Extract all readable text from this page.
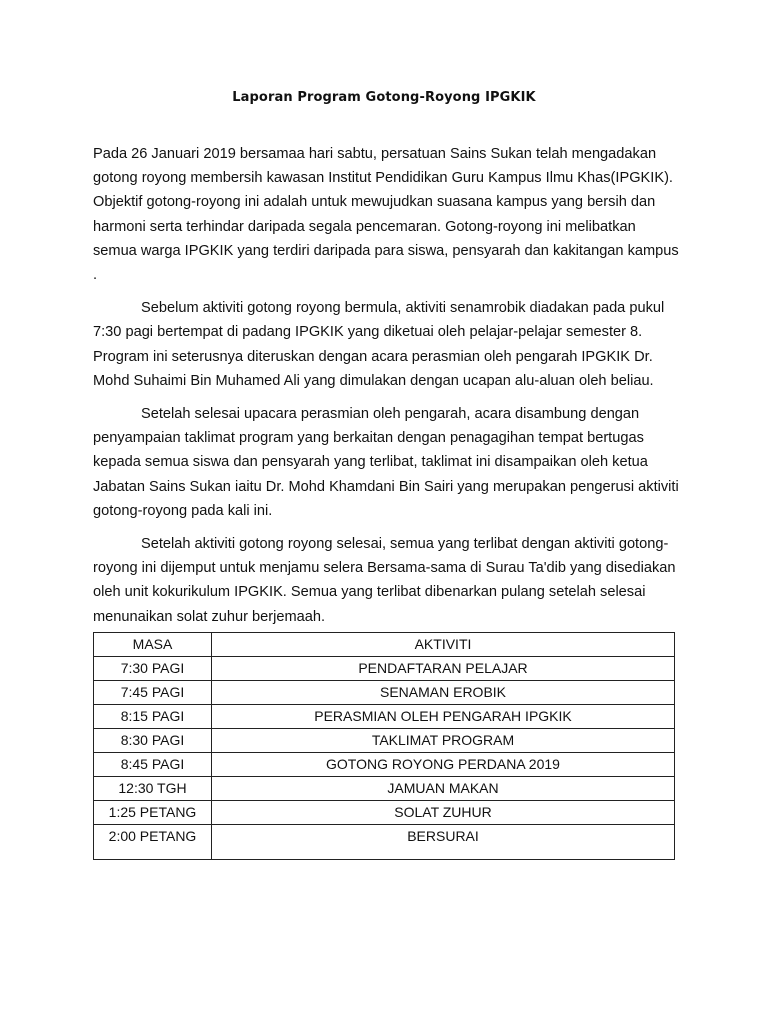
Laporan Program Gotong-Royong IPGKIK

Pada 26 Januari 2019 bersamaa hari sabtu, persatuan Sains Sukan telah mengadakan gotong royong membersih kawasan Institut Pendidikan Guru Kampus Ilmu Khas(IPGKIK). Objektif gotong-royong ini adalah untuk mewujudkan suasana kampus yang bersih dan harmoni serta terhindar daripada segala pencemaran. Gotong-royong ini melibatkan semua warga IPGKIK yang terdiri daripada para siswa, pensyarah dan kakitangan kampus .

Sebelum aktiviti gotong royong bermula, aktiviti senamrobik diadakan pada pukul 7:30 pagi bertempat di padang IPGKIK yang diketuai oleh pelajar-pelajar semester 8. Program ini seterusnya diteruskan dengan acara perasmian oleh pengarah IPGKIK Dr. Mohd Suhaimi Bin Muhamed Ali yang dimulakan dengan ucapan alu-aluan oleh beliau.

Setelah selesai upacara perasmian oleh pengarah, acara disambung dengan penyampaian taklimat program yang berkaitan dengan penagagihan tempat bertugas kepada semua siswa dan pensyarah yang terlibat, taklimat ini disampaikan oleh ketua Jabatan Sains Sukan iaitu Dr. Mohd Khamdani Bin Sairi yang merupakan pengerusi aktiviti gotong-royong pada kali ini.

Setelah aktiviti gotong royong selesai, semua yang terlibat dengan aktiviti gotong-royong ini dijemput untuk menjamu selera Bersama-sama di Surau Ta'dib yang disediakan oleh unit kokurikulum IPGKIK. Semua yang terlibat dibenarkan pulang setelah selesai menunaikan solat zuhur berjemaah.

MASA	AKTIVITI
7:30 PAGI	PENDAFTARAN PELAJAR
7:45 PAGI	SENAMAN EROBIK
8:15 PAGI	PERASMIAN OLEH PENGARAH IPGKIK
8:30 PAGI	TAKLIMAT PROGRAM
8:45 PAGI	GOTONG ROYONG PERDANA 2019
12:30 TGH	JAMUAN MAKAN
1:25 PETANG	SOLAT ZUHUR
2:00 PETANG	BERSURAI
